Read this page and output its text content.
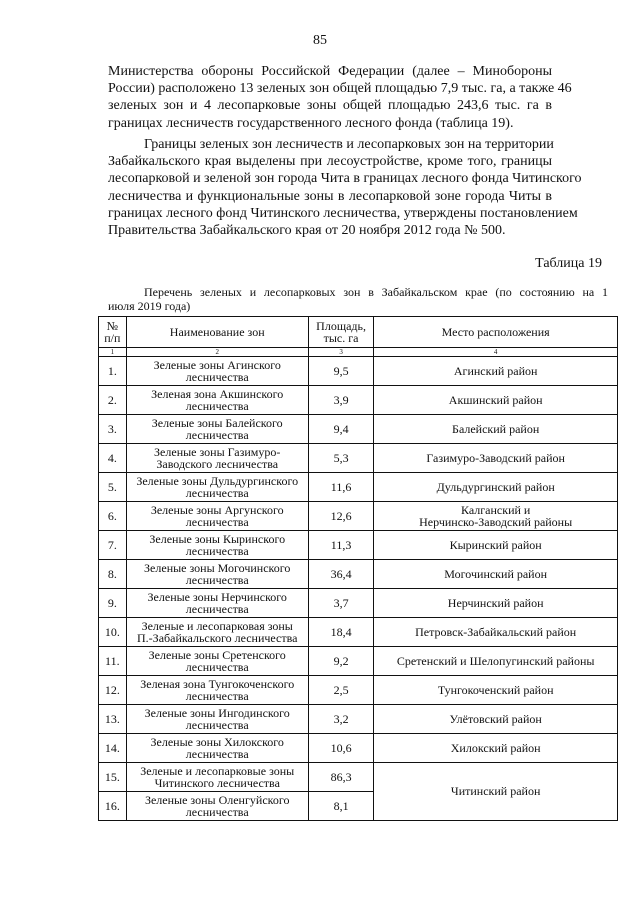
85

Министерства обороны Российской Федерации (далее – Минобороны
России) расположено 13 зеленых зон общей площадью 7,9 тыс. га, а также 46
зеленых зон и 4 лесопарковые зоны общей площадью 243,6 тыс. га в
границах лесничеств государственного лесного фонда (таблица 19).

Границы зеленых зон лесничеств и лесопарковых зон на территории
Забайкальского края выделены при лесоустройстве, кроме того, границы
лесопарковой и зеленой зон города Чита в границах лесного фонда Читинского
лесничества и функциональные зоны в лесопарковой зоне города Читы в
границах лесного фонд Читинского лесничества, утверждены постановлением
Правительства Забайкальского края от 20 ноября 2012 года № 500.

Таблица 19
Перечень зеленых и лесопарковых зон в Забайкальском крае (по состоянию на 1
июля 2019 года)
№
п/п	Наименование зон	Площадь,
тыс. га	Место расположения
1	2	3	4
1.	Зеленые зоны Агинского
лесничества	9,5	Агинский район
2.	Зеленая зона Акшинского
лесничества	3,9	Акшинский район
3.	Зеленые зоны Балейского
лесничества	9,4	Балейский район
4.	Зеленые зоны Газимуро-
Заводского лесничества	5,3	Газимуро-Заводский район
5.	Зеленые зоны Дульдургинского
лесничества	11,6	Дульдургинский район
6.	Зеленые зоны Аргунского
лесничества	12,6	Калганский и
Нерчинско-Заводский районы
7.	Зеленые зоны Кыринского
лесничества	11,3	Кыринский район
8.	Зеленые зоны Могочинского
лесничества	36,4	Могочинский район
9.	Зеленые зоны Нерчинского
лесничества	3,7	Нерчинский район
10.	Зеленые и лесопарковая зоны
П.-Забайкальского лесничества	18,4	Петровск-Забайкальский район
11.	Зеленые зоны Сретенского
лесничества	9,2	Сретенский и Шелопугинский районы
12.	Зеленая зона Тунгокоченского
лесничества	2,5	Тунгокоченский район
13.	Зеленые зоны Ингодинского
лесничества	3,2	Улётовский район
14.	Зеленые зоны Хилокского
лесничества	10,6	Хилокский район
15.	Зеленые и лесопарковые зоны
Читинского лесничества	86,3	Читинский район
16.	Зеленые зоны Оленгуйского
лесничества	8,1	
